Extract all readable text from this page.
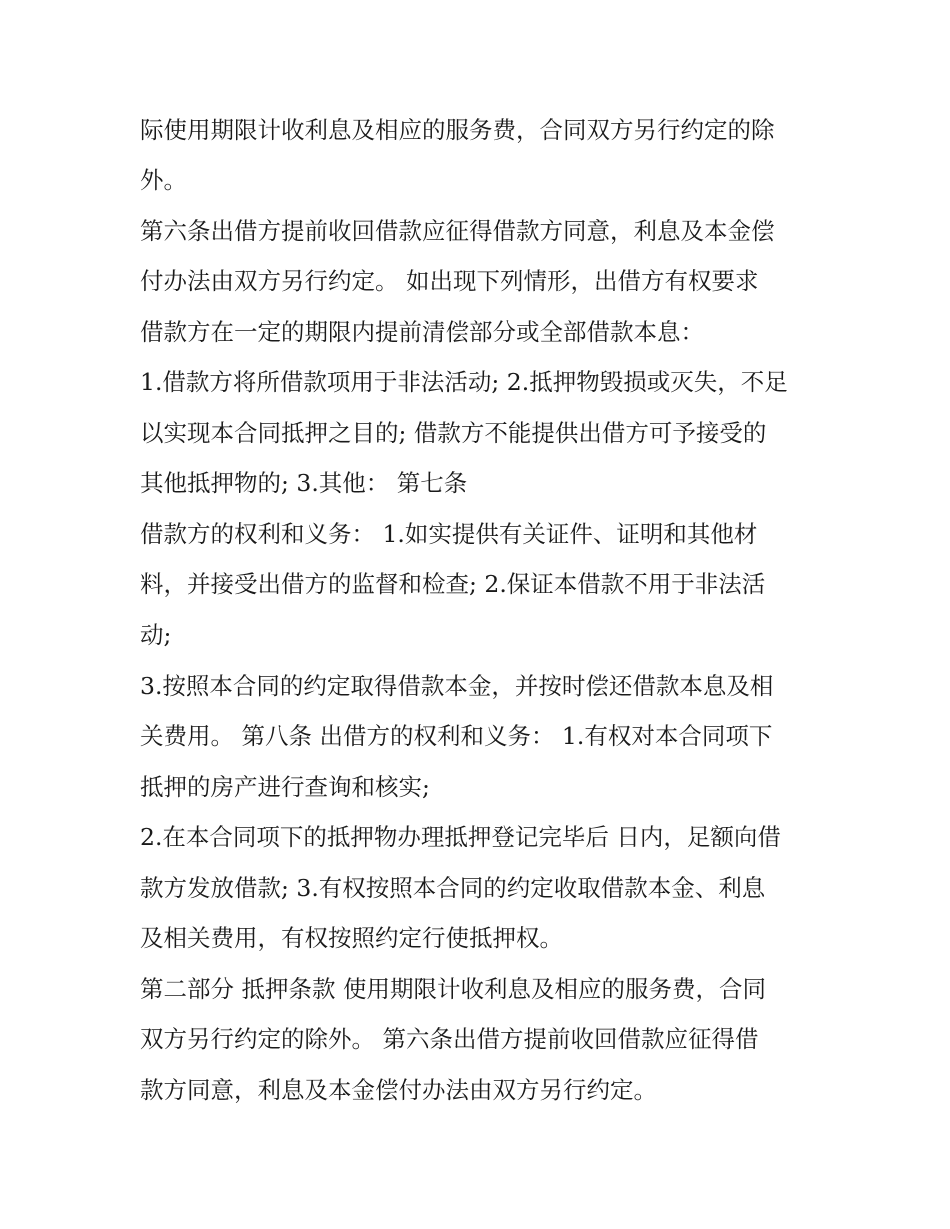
际使用期限计收利息及相应的服务费，合同双方另行约定的除
外。
第六条出借方提前收回借款应征得借款方同意，利息及本金偿
付办法由双方另行约定。 如出现下列情形，出借方有权要求
借款方在一定的期限内提前清偿部分或全部借款本息：
1.借款方将所借款项用于非法活动; 2.抵押物毁损或灭失，不足
以实现本合同抵押之目的; 借款方不能提供出借方可予接受的
其他抵押物的; 3.其他： 第七条
借款方的权利和义务： 1.如实提供有关证件、证明和其他材
料，并接受出借方的监督和检查; 2.保证本借款不用于非法活
动;
3.按照本合同的约定取得借款本金，并按时偿还借款本息及相
关费用。 第八条 出借方的权利和义务： 1.有权对本合同项下
抵押的房产进行查询和核实;
2.在本合同项下的抵押物办理抵押登记完毕后 日内，足额向借
款方发放借款; 3.有权按照本合同的约定收取借款本金、利息
及相关费用，有权按照约定行使抵押权。
第二部分 抵押条款 使用期限计收利息及相应的服务费，合同
双方另行约定的除外。 第六条出借方提前收回借款应征得借
款方同意，利息及本金偿付办法由双方另行约定。
